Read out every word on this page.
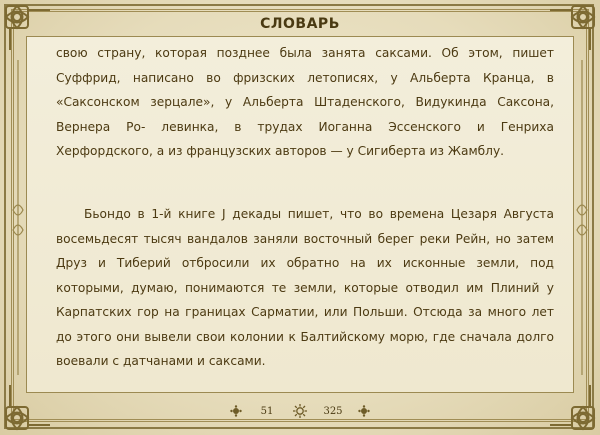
СЛОВАРЬ

свою страну, которая позднее была занята саксами. Об этом, пишет Суффрид, написано во фризских летописях, у Альберта Кранца, в «Саксонском зерцале», у Альберта Штаденского, Видукинда Саксона, Вернера Ро- левинка, в трудах Иоганна Эссенского и Генриха Херфордского, а из французских авторов — у Сигиберта из Жамблу.

Бьондо в 1-й книге J декады пишет, что во времена Цезаря Августа восемьдесят тысяч вандалов заняли восточный берег реки Рейн, но затем Друз и Тиберий отбросили их обратно на их исконные земли, под которыми, думаю, понимаются те земли, которые отводил им Плиний у Карпатских гор на границах Сарматии, или Польши. Отсюда за много лет до этого они вывели свои колонии к Балтийскому морю, где сначала долго воевали с датчанами и саксами.

51	325
